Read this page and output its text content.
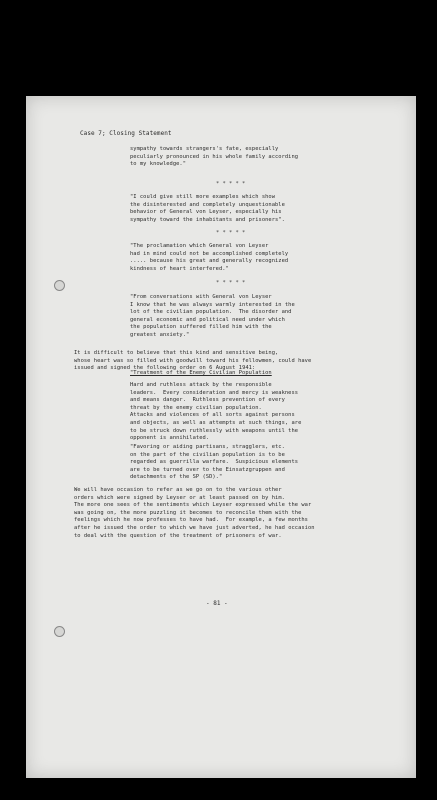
Case 7; Closing Statement

sympathy towards strangers's fate, especially
peculiarly pronounced in his whole family according
to my knowledge."

* * * * *

"I could give still more examples which show
the disinterested and completely unquestionable
behavior of General von Leyser, especially his
sympathy toward the inhabitants and prisoners".

* * * * *

"The proclamation which General von Leyser
had in mind could not be accomplished completely
..... because his great and generally recognized
kindness of heart interfered."

* * * * *

"From conversations with General von Leyser
I know that he was always warmly interested in the
lot of the civilian population.  The disorder and
general economic and political need under which
the population suffered filled him with the
greatest anxiety."

It is difficult to believe that this kind and sensitive being,
whose heart was so filled with goodwill toward his fellowmen, could have
issued and signed the following order on 6 August 1941:

"Treatment of the Enemy Civilian Population

Hard and ruthless attack by the responsible
leaders.  Every consideration and mercy is weakness
and means danger.  Ruthless prevention of every
threat by the enemy civilian population.
Attacks and violences of all sorts against persons
and objects, as well as attempts at such things, are
to be struck down ruthlessly with weapons until the
opponent is annihilated.

"Favoring or aiding partisans, stragglers, etc.
on the part of the civilian population is to be
regarded as guerrilla warfare.  Suspicious elements
are to be turned over to the Einsatzgruppen and
detachments of the SP (SD)."

We will have occasion to refer as we go on to the various other
orders which were signed by Leyser or at least passed on by him.
The more one sees of the sentiments which Leyser expressed while the war
was going on, the more puzzling it becomes to reconcile them with the
feelings which he now professes to have had.  For example, a few months
after he issued the order to which we have just adverted, he had occasion
to deal with the question of the treatment of prisoners of war.

- 81 -
